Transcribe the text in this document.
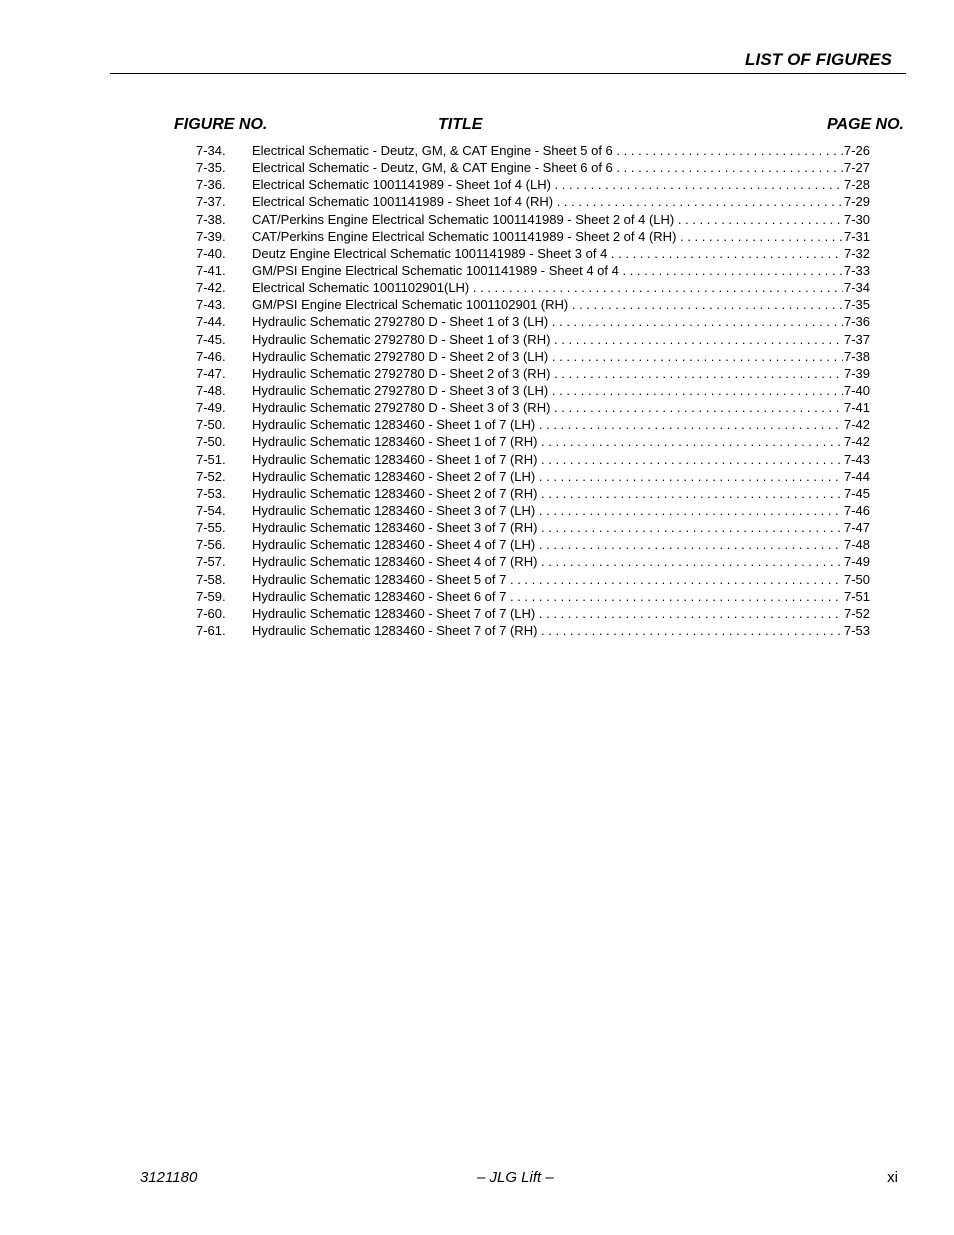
LIST OF FIGURES
FIGURE NO.	TITLE	PAGE NO.
7-34.	Electrical Schematic - Deutz, GM, & CAT Engine - Sheet 5 of 6 . . .	7-26
7-35.	Electrical Schematic - Deutz, GM, & CAT Engine - Sheet 6 of 6 . . .	7-27
7-36.	Electrical Schematic 1001141989 - Sheet 1of 4 (LH) . . .	7-28
7-37.	Electrical Schematic 1001141989 - Sheet 1of 4 (RH) . . .	7-29
7-38.	CAT/Perkins Engine Electrical Schematic 1001141989 - Sheet 2 of 4 (LH) . . .	7-30
7-39.	CAT/Perkins Engine Electrical Schematic 1001141989 - Sheet 2 of 4 (RH) . . .	7-31
7-40.	Deutz Engine Electrical Schematic 1001141989 - Sheet 3 of 4 . . .	7-32
7-41.	GM/PSI Engine Electrical Schematic 1001141989 - Sheet 4 of 4 . . .	7-33
7-42.	Electrical Schematic 1001102901(LH) . . .	7-34
7-43.	GM/PSI Engine Electrical Schematic 1001102901 (RH) . . .	7-35
7-44.	Hydraulic Schematic 2792780 D - Sheet 1 of 3 (LH) . . .	7-36
7-45.	Hydraulic Schematic 2792780 D - Sheet 1 of 3 (RH) . . .	7-37
7-46.	Hydraulic Schematic 2792780 D - Sheet 2 of 3 (LH) . . .	7-38
7-47.	Hydraulic Schematic 2792780 D - Sheet 2 of 3 (RH) . . .	7-39
7-48.	Hydraulic Schematic 2792780 D - Sheet 3 of 3 (LH) . . .	7-40
7-49.	Hydraulic Schematic 2792780 D - Sheet 3 of 3 (RH) . . .	7-41
7-50.	Hydraulic Schematic 1283460 - Sheet 1 of 7 (LH) . . .	7-42
7-50.	Hydraulic Schematic 1283460 - Sheet 1 of 7 (RH) . . .	7-42
7-51.	Hydraulic Schematic 1283460 - Sheet 1 of 7 (RH) . . .	7-43
7-52.	Hydraulic Schematic 1283460 - Sheet 2 of 7 (LH) . . .	7-44
7-53.	Hydraulic Schematic 1283460 - Sheet 2 of 7 (RH) . . .	7-45
7-54.	Hydraulic Schematic 1283460 - Sheet 3 of 7 (LH) . . .	7-46
7-55.	Hydraulic Schematic 1283460 - Sheet 3 of 7 (RH) . . .	7-47
7-56.	Hydraulic Schematic 1283460 - Sheet 4 of 7 (LH) . . .	7-48
7-57.	Hydraulic Schematic 1283460 - Sheet 4 of 7 (RH) . . .	7-49
7-58.	Hydraulic Schematic 1283460 - Sheet 5 of 7 . . .	7-50
7-59.	Hydraulic Schematic 1283460 - Sheet 6 of 7 . . .	7-51
7-60.	Hydraulic Schematic 1283460 - Sheet 7 of 7 (LH) . . .	7-52
7-61.	Hydraulic Schematic 1283460 - Sheet 7 of 7 (RH) . . .	7-53
3121180	– JLG Lift –	xi
